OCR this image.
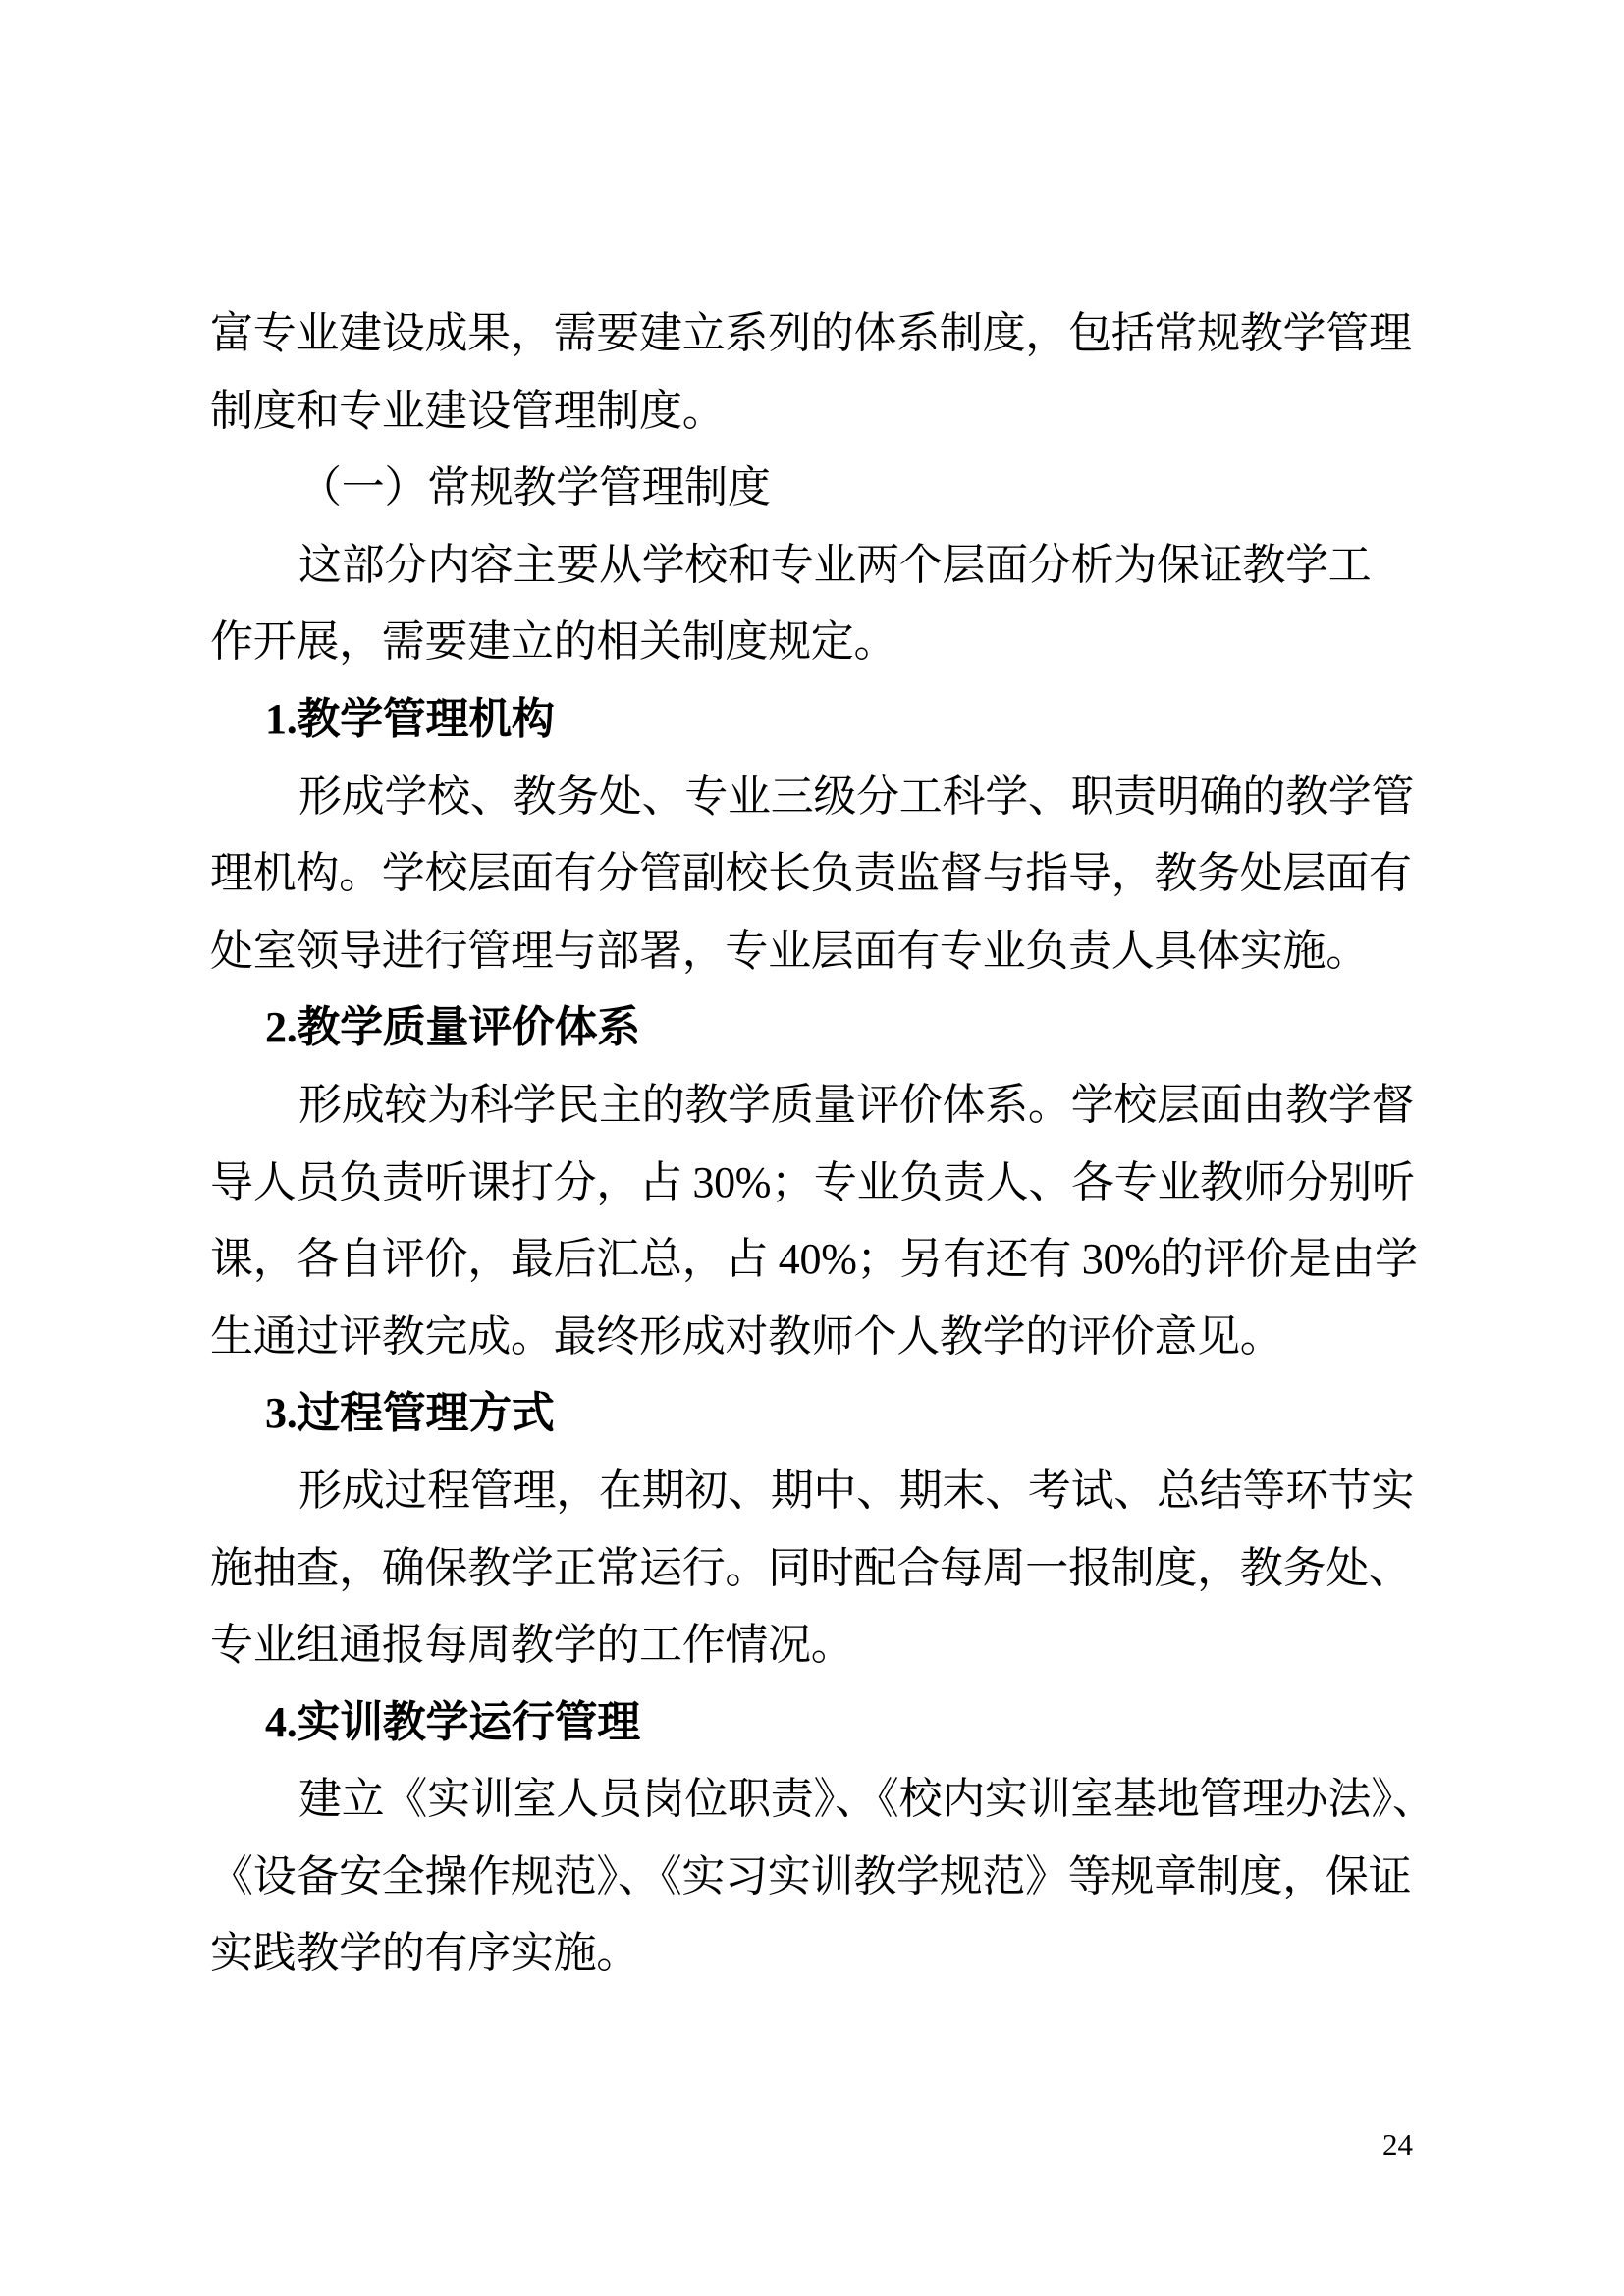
富专业建设成果，需要建立系列的体系制度，包括常规教学管理
制度和专业建设管理制度。
（一）常规教学管理制度
这部分内容主要从学校和专业两个层面分析为保证教学工
作开展，需要建立的相关制度规定。
1.教学管理机构
形成学校、教务处、专业三级分工科学、职责明确的教学管
理机构。学校层面有分管副校长负责监督与指导，教务处层面有
处室领导进行管理与部署，专业层面有专业负责人具体实施。
2.教学质量评价体系
形成较为科学民主的教学质量评价体系。学校层面由教学督
导人员负责听课打分，占 30%；专业负责人、各专业教师分别听
课，各自评价，最后汇总，占 40%；另有还有 30%的评价是由学
生通过评教完成。最终形成对教师个人教学的评价意见。
3.过程管理方式
形成过程管理，在期初、期中、期末、考试、总结等环节实
施抽查，确保教学正常运行。同时配合每周一报制度，教务处、
专业组通报每周教学的工作情况。
4.实训教学运行管理
建立《实训室人员岗位职责》、《校内实训室基地管理办法》、
《设备安全操作规范》、《实习实训教学规范》等规章制度，保证
实践教学的有序实施。
24
